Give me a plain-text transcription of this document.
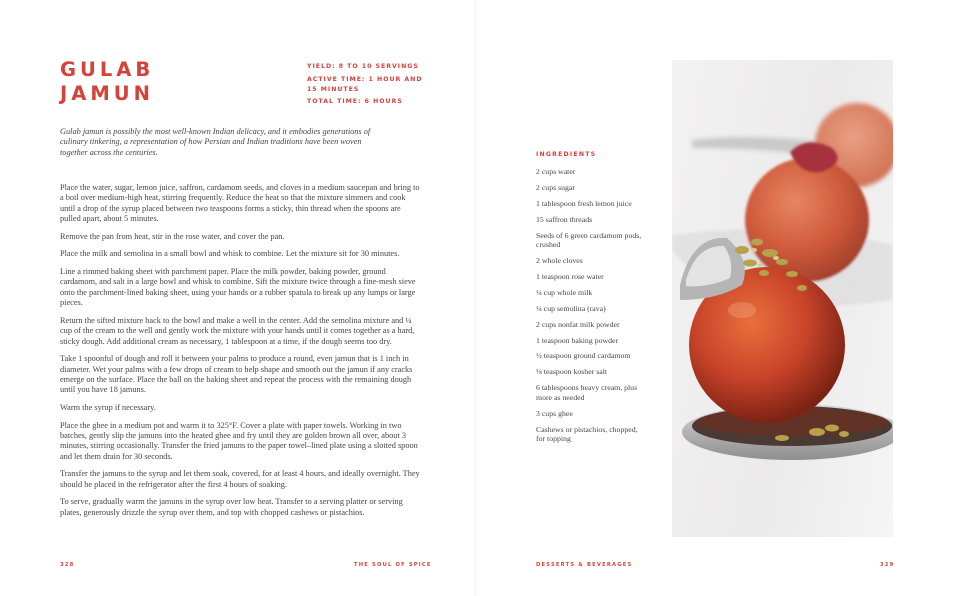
GULAB
JAMUN
YIELD: 8 TO 10 SERVINGS
ACTIVE TIME: 1 HOUR AND 15 MINUTES
TOTAL TIME: 6 HOURS

Gulab jamun is possibly the most well-known Indian delicacy, and it embodies generations of culinary tinkering, a representation of how Persian and Indian traditions have been woven together across the centuries.

Place the water, sugar, lemon juice, saffron, cardamom seeds, and cloves in a medium saucepan and bring to a boil over medium-high heat, stirring frequently. Reduce the heat so that the mixture simmers and cook until a drop of the syrup placed between two teaspoons forms a sticky, thin thread when the spoons are pulled apart, about 5 minutes.

Remove the pan from heat, stir in the rose water, and cover the pan.

Place the milk and semolina in a small bowl and whisk to combine. Let the mixture sit for 30 minutes.

Line a rimmed baking sheet with parchment paper. Place the milk powder, baking powder, ground cardamom, and salt in a large bowl and whisk to combine. Sift the mixture twice through a fine-mesh sieve onto the parchment-lined baking sheet, using your hands or a rubber spatula to break up any lumps or large pieces.

Return the sifted mixture back to the bowl and make a well in the center. Add the semolina mixture and ¼ cup of the cream to the well and gently work the mixture with your hands until it comes together as a hard, sticky dough. Add additional cream as necessary, 1 tablespoon at a time, if the dough seems too dry.

Take 1 spoonful of dough and roll it between your palms to produce a round, even jamun that is 1 inch in diameter. Wet your palms with a few drops of cream to help shape and smooth out the jamun if any cracks emerge on the surface. Place the ball on the baking sheet and repeat the process with the remaining dough until you have 18 jamuns.

Warm the syrup if necessary.

Place the ghee in a medium pot and warm it to 325°F. Cover a plate with paper towels. Working in two batches, gently slip the jamuns into the heated ghee and fry until they are golden brown all over, about 3 minutes, stirring occasionally. Transfer the fried jamuns to the paper towel–lined plate using a slotted spoon and let them drain for 30 seconds.

Transfer the jamuns to the syrup and let them soak, covered, for at least 4 hours, and ideally overnight. They should be placed in the refrigerator after the first 4 hours of soaking.

To serve, gradually warm the jamuns in the syrup over low heat. Transfer to a serving platter or serving plates, generously drizzle the syrup over them, and top with chopped cashews or pistachios.

328	THE SOUL OF SPICE
INGREDIENTS
2 cups water
2 cups sugar
1 tablespoon fresh lemon juice
15 saffron threads
Seeds of 6 green cardamom pods, crushed
2 whole cloves
1 teaspoon rose water
¼ cup whole milk
¼ cup semolina (rava)
2 cups nonfat milk powder
1 teaspoon baking powder
½ teaspoon ground cardamom
⅛ teaspoon kosher salt
6 tablespoons heavy cream, plus more as needed
3 cups ghee
Cashews or pistachios, chopped, for topping
DESSERTS & BEVERAGES	329
